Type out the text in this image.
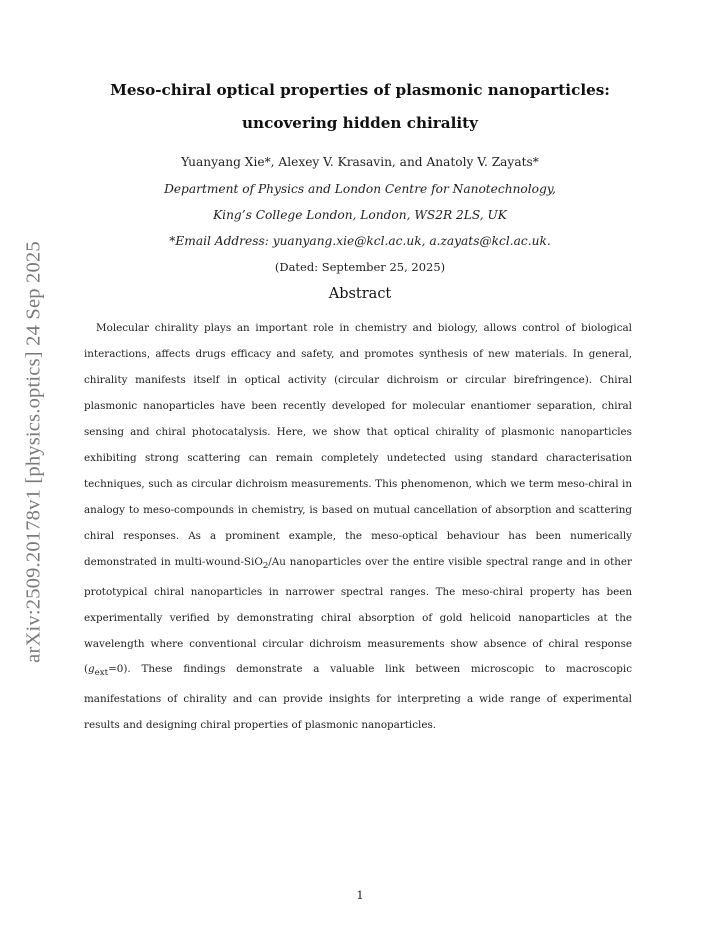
arXiv:2509.20178v1 [physics.optics] 24 Sep 2025
Meso-chiral optical properties of plasmonic nanoparticles:
uncovering hidden chirality
Yuanyang Xie*, Alexey V. Krasavin, and Anatoly V. Zayats*
Department of Physics and London Centre for Nanotechnology,
King’s College London, London, WS2R 2LS, UK
*Email Address: yuanyang.xie@kcl.ac.uk, a.zayats@kcl.ac.uk.
(Dated: September 25, 2025)
Abstract

Molecular chirality plays an important role in chemistry and biology, allows control of biological interactions, affects drugs efficacy and safety, and promotes synthesis of new materials. In general, chirality manifests itself in optical activity (circular dichroism or circular birefringence). Chiral plasmonic nanoparticles have been recently developed for molecular enantiomer separation, chiral sensing and chiral photocatalysis. Here, we show that optical chirality of plasmonic nanoparticles exhibiting strong scattering can remain completely undetected using standard characterisation techniques, such as circular dichroism measurements. This phenomenon, which we term meso-chiral in analogy to meso-compounds in chemistry, is based on mutual cancellation of absorption and scattering chiral responses. As a prominent example, the meso-optical behaviour has been numerically demonstrated in multi-wound-SiO$_2$/Au nanoparticles over the entire visible spectral range and in other prototypical chiral nanoparticles in narrower spectral ranges. The meso-chiral property has been experimentally verified by demonstrating chiral absorption of gold helicoid nanoparticles at the wavelength where conventional circular dichroism measurements show absence of chiral response $(g_{ext}=0)$. These findings demonstrate a valuable link between microscopic to macroscopic manifestations of chirality and can provide insights for interpreting a wide range of experimental results and designing chiral properties of plasmonic nanoparticles.

1
